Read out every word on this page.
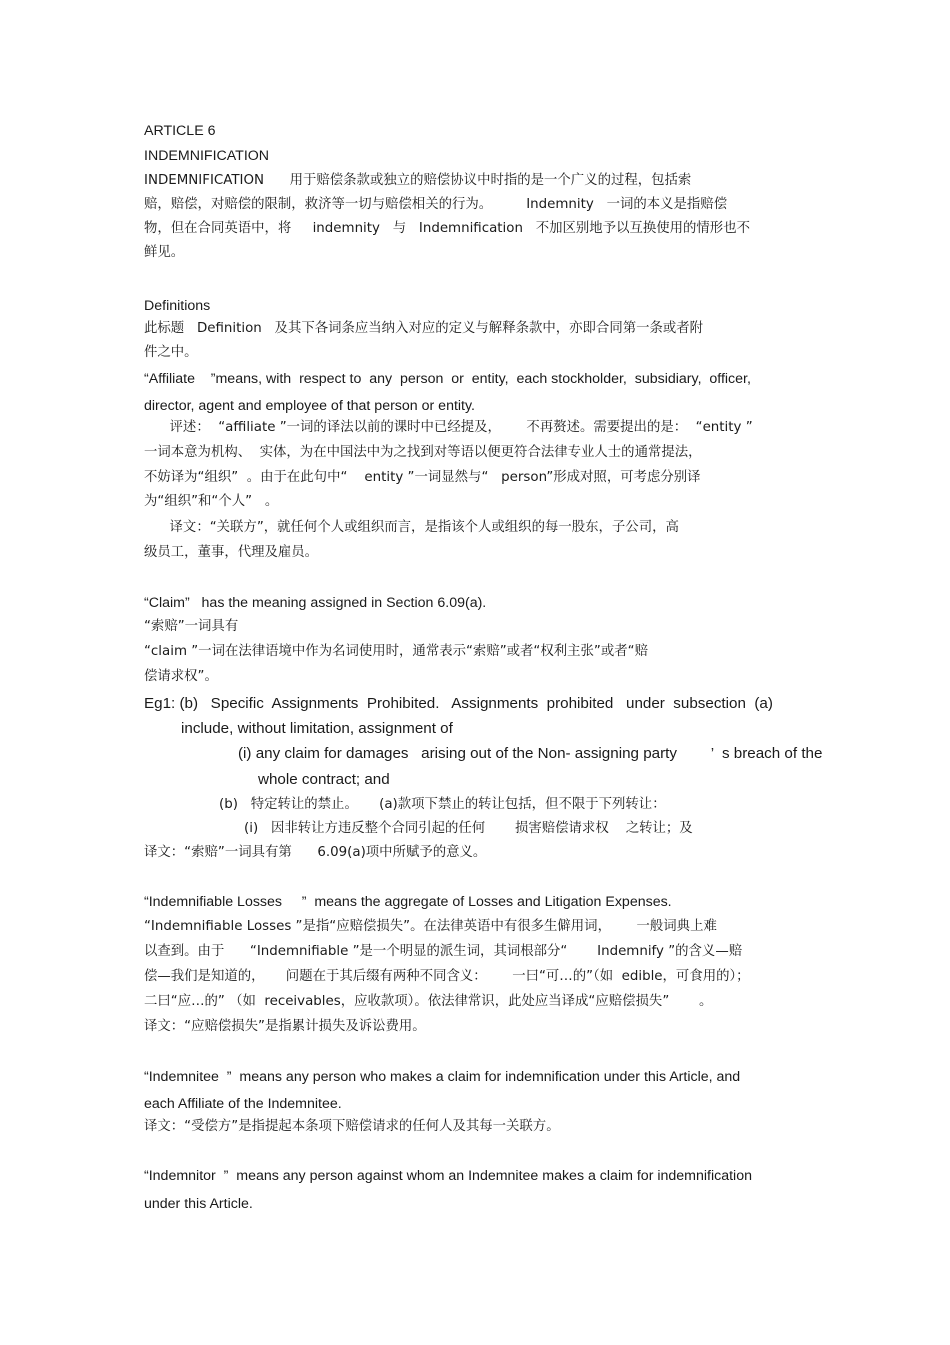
ARTICLE 6
INDEMNIFICATION
INDEMNIFICATION      用于赔偿条款或独立的赔偿协议中时指的是一个广义的过程，包括索
赔，赔偿，对赔偿的限制，救济等一切与赔偿相关的行为。        Indemnity   一词的本义是指赔偿
物，但在合同英语中，将     indemnity   与   Indemnification   不加区别地予以互换使用的情形也不
鲜见。
Definitions
此标题   Definition   及其下各词条应当纳入对应的定义与解释条款中，亦即合同第一条或者附
件之中。
“Affiliate    ”means, with  respect to  any  person  or  entity,  each stockholder,  subsidiary,  officer,
director, agent and employee of that person or entity.
评述：  “affiliate ”一词的译法以前的课时中已经提及，      不再赘述。需要提出的是：  “entity ”
一词本意为机构、  实体，为在中国法中为之找到对等语以便更符合法律专业人士的通常提法，
不妨译为“组织”  。由于在此句中“    entity ”一词显然与“   person”形成对照，可考虑分别译
为“组织”和“个人”   。
译文：“关联方”，就任何个人或组织而言，是指该个人或组织的每一股东，子公司，高
级员工，董事，代理及雇员。
“Claim”   has the meaning assigned in Section 6.09(a).
“索赔”一词具有
“claim ”一词在法律语境中作为名词使用时，通常表示“索赔”或者“权利主张”或者“赔
偿请求权”。
Eg1: (b)   Specific  Assignments  Prohibited.   Assignments  prohibited   under  subsection  (a)
include, without limitation, assignment of
(i) any claim for damages   arising out of the Non- assigning party        ’  s breach of the
whole contract; and
(b)   特定转让的禁止。     (a)款项下禁止的转让包括，但不限于下列转让：
(i)   因非转让方违反整个合同引起的任何       损害赔偿请求权    之转让；及
译文：“索赔”一词具有第      6.09(a)项中所赋予的意义。
“Indemnifiable Losses     ”  means the aggregate of Losses and Litigation Expenses.
“Indemnifiable Losses ”是指“应赔偿损失”。在法律英语中有很多生僻用词，      一般词典上难
以查到。由于      “Indemnifiable ”是一个明显的派生词，其词根部分“       Indemnify ”的含义—赔
偿—我们是知道的，     问题在于其后缀有两种不同含义：      一曰“可…的”（如  edible，可食用的）；
二曰“应…的” （如  receivables，应收款项）。依法律常识，此处应当译成“应赔偿损失”       。
译文：“应赔偿损失”是指累计损失及诉讼费用。
“Indemnitee  ”  means any person who makes a claim for indemnification under this Article, and
each Affiliate of the Indemnitee.
译文：“受偿方”是指提起本条项下赔偿请求的任何人及其每一关联方。
“Indemnitor  ”  means any person against whom an Indemnitee makes a claim for indemnification
under this Article.
